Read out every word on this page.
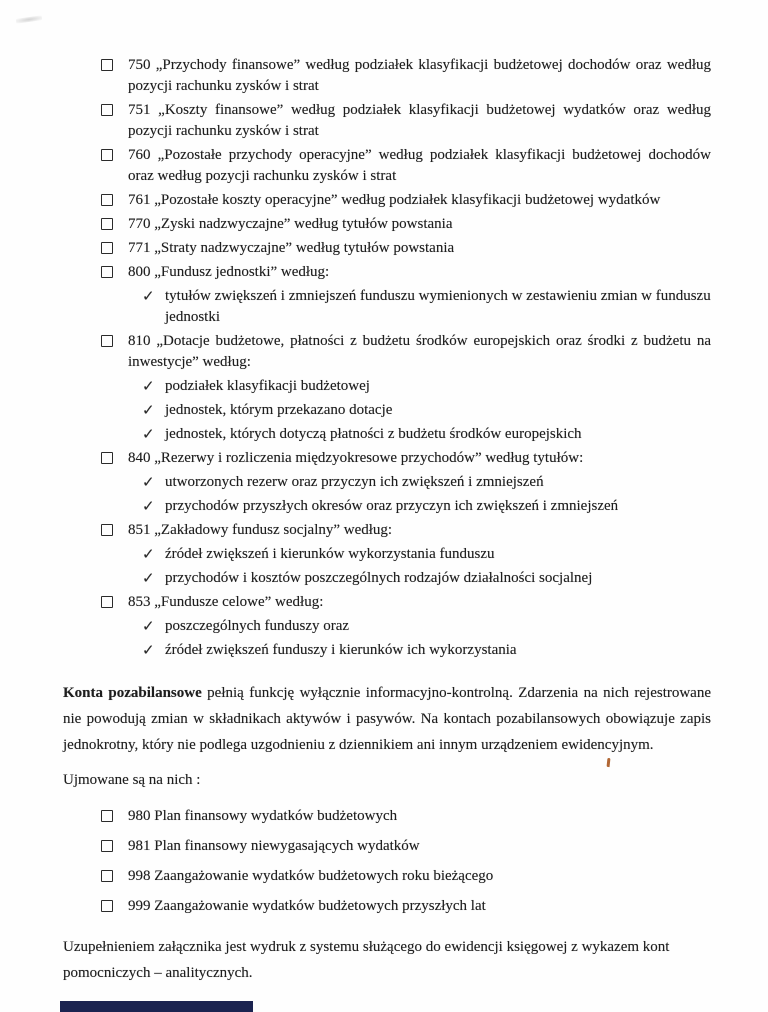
750 „Przychody finansowe” według podziałek klasyfikacji budżetowej dochodów oraz według pozycji rachunku zysków i strat
751 „Koszty finansowe” według podziałek klasyfikacji budżetowej wydatków oraz według pozycji rachunku zysków i strat
760 „Pozostałe przychody operacyjne” według podziałek klasyfikacji budżetowej dochodów oraz według pozycji rachunku zysków i strat
761 „Pozostałe koszty operacyjne” według podziałek klasyfikacji budżetowej wydatków
770 „Zyski nadzwyczajne” według tytułów powstania
771 „Straty nadzwyczajne” według tytułów powstania
800 „Fundusz jednostki” według:
✓ tytułów zwiększeń i zmniejszeń funduszu wymienionych w zestawieniu zmian w funduszu jednostki
810 „Dotacje budżetowe, płatności z budżetu środków europejskich oraz środki z budżetu na inwestycje” według:
✓ podziałek klasyfikacji budżetowej
✓ jednostek, którym przekazano dotacje
✓ jednostek, których dotyczą płatności z budżetu środków europejskich
840 „Rezerwy i rozliczenia międzyokresowe przychodów” według tytułów:
✓ utworzonych rezerw oraz przyczyn ich zwiększeń i zmniejszeń
✓ przychodów przyszłych okresów oraz przyczyn ich zwiększeń i zmniejszeń
851 „Zakładowy fundusz socjalny” według:
✓ źródeł zwiększeń i kierunków wykorzystania funduszu
✓ przychodów i kosztów poszczególnych rodzajów działalności socjalnej
853 „Fundusze celowe” według:
✓ poszczególnych funduszy oraz
✓ źródeł zwiększeń funduszy i kierunków ich wykorzystania

Konta pozabilansowe pełnią funkcję wyłącznie informacyjno-kontrolną. Zdarzenia na nich rejestrowane nie powodują zmian w składnikach aktywów i pasywów. Na kontach pozabilansowych obowiązuje zapis jednokrotny, który nie podlega uzgodnieniu z dziennikiem ani innym urządzeniem ewidencyjnym.

Ujmowane są na nich :

980 Plan finansowy wydatków budżetowych
981 Plan finansowy niewygasających wydatków
998 Zaangażowanie wydatków budżetowych roku bieżącego
999 Zaangażowanie wydatków budżetowych przyszłych lat

Uzupełnieniem załącznika jest wydruk z systemu służącego do ewidencji księgowej z wykazem kont pomocniczych – analitycznych.
